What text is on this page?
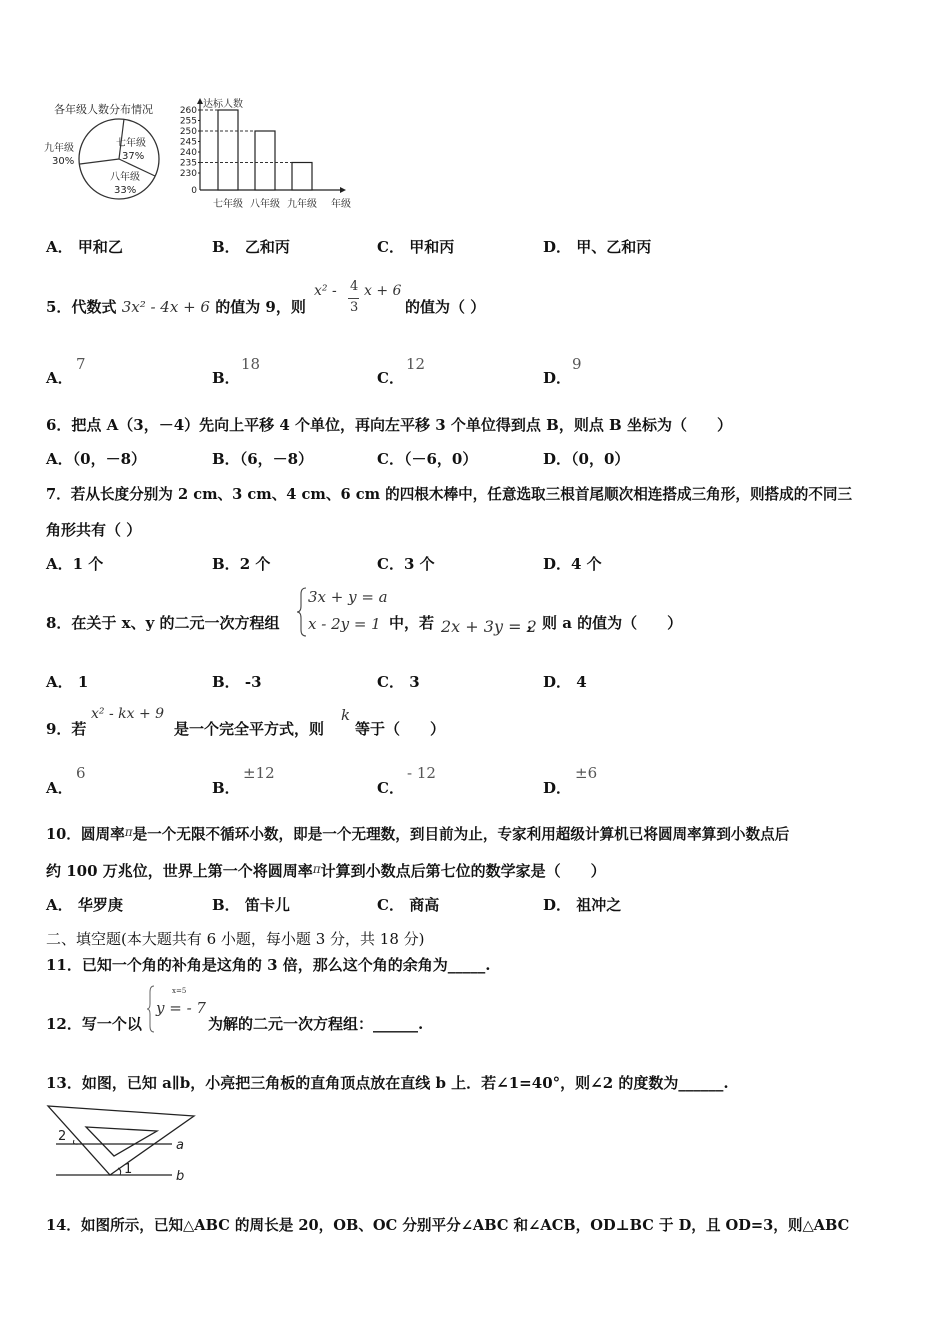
各年级人数分布情况
七年级
37%
八年级
33%
九年级
30%
达标人数
年级
260
255
250
245
240
235
230
0
七年级 八年级 九年级
A． 甲和乙	B． 乙和丙	C． 甲和丙	D． 甲、乙和丙
5．代数式 3x² - 4x + 6 的值为 9，则
x² - 4
3
x + 6
的值为（ ）
A．
7
B．
18
C．
12
D．
9
6．把点 A（3，－4）先向上平移 4 个单位，再向左平移 3 个单位得到点 B，则点 B 坐标为（　　）
A．（0，－8）	B．（6，－8）	C．（－6，0）	D．（0，0）
7．若从长度分别为 2 cm、3 cm、4 cm、6 cm 的四根木棒中，任意选取三根首尾顺次相连搭成三角形，则搭成的不同三
角形共有（ ）
A．1 个	B．2 个	C．3 个	D．4 个
8．在关于 x、y 的二元一次方程组
3x + y = a
x - 2y = 1 中，若 2x + 3y = 2
，则 a 的值为（　　）
A． 1	B． -3	C． 3	D． 4
9．若
x² - kx + 9
是一个完全平方式，则
k
等于（　　）
A．
6
B．
±12
C．
- 12
D．
±6
10．圆周率$^\pi$是一个无限不循环小数，即是一个无理数，到目前为止，专家利用超级计算机已将圆周率算到小数点后
约 100 万兆位，世界上第一个将圆周率$^\pi$计算到小数点后第七位的数学家是（　　）
A． 华罗庚	B． 笛卡儿	C． 商高	D． 祖冲之
二、填空题(本大题共有 6 小题，每小题 3 分，共 18 分)
11．已知一个角的补角是这角的 3 倍，那么这个角的余角为_____.
12．写一个以
x=5
y = - 7
为解的二元一次方程组：______.
13．如图，已知 a∥b，小亮把三角板的直角顶点放在直线 b 上．若∠1=40°，则∠2 的度数为______.
2
1
a
b
14．如图所示，已知△ABC 的周长是 20，OB、OC 分别平分∠ABC 和∠ACB，OD⊥BC 于 D，且 OD=3，则△ABC
